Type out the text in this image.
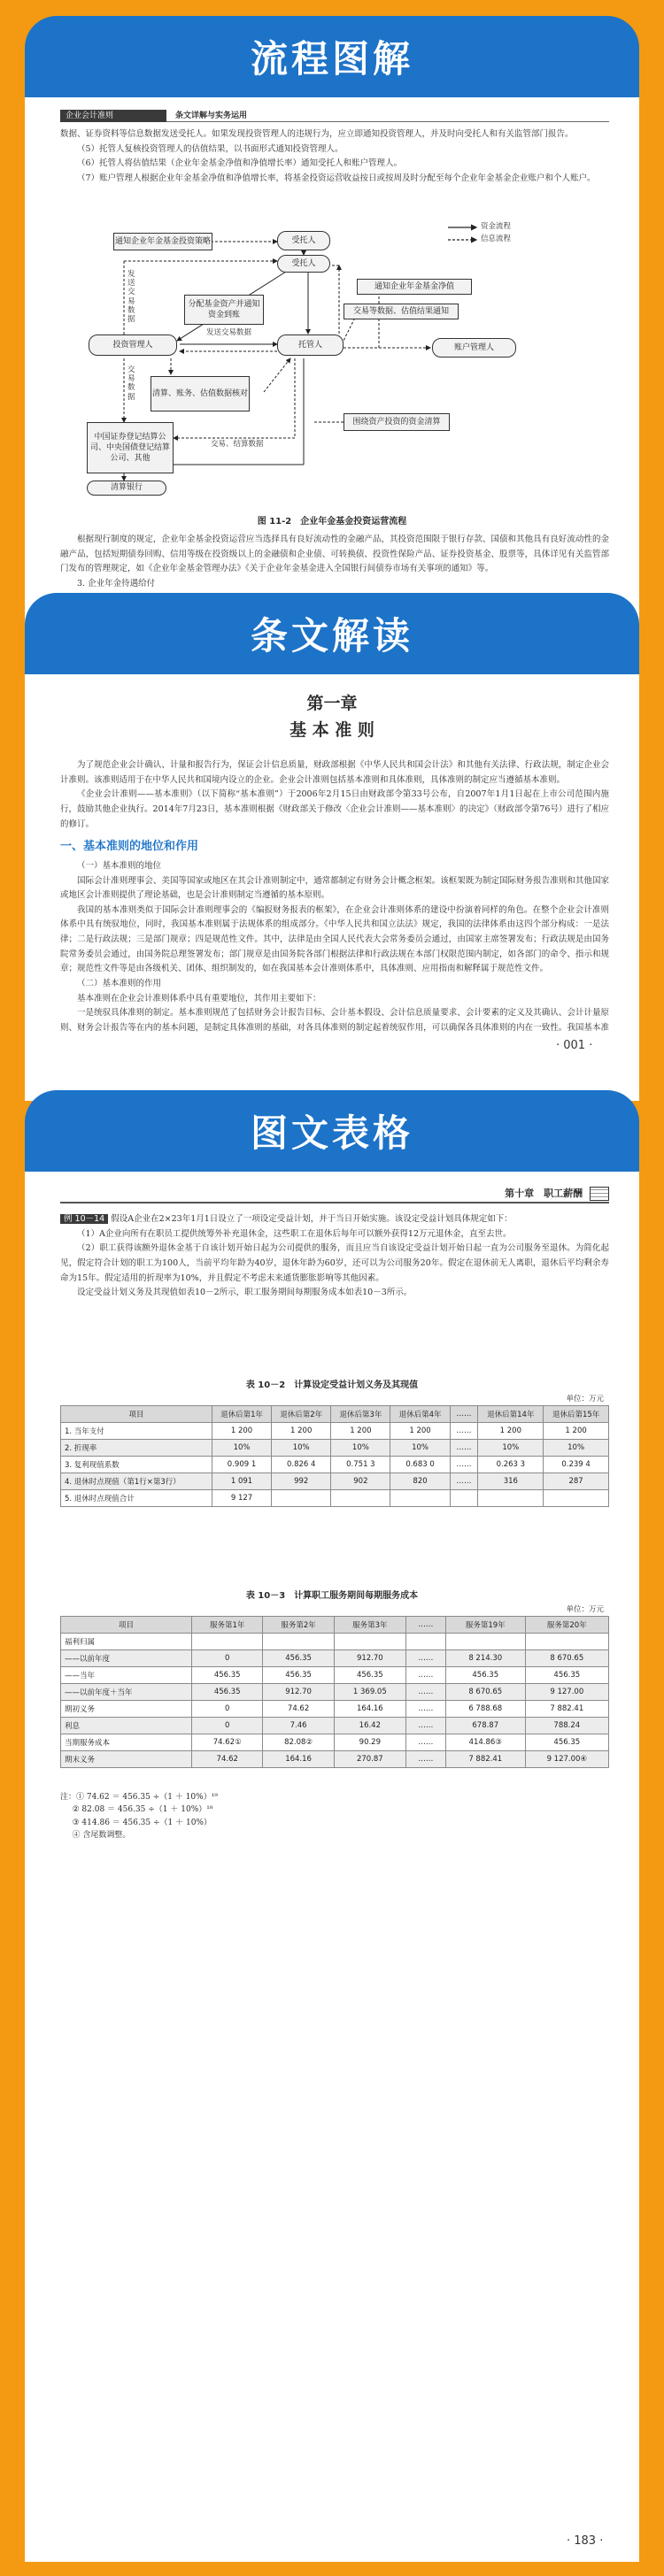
流程图解
企业会计准则	条文详解与实务运用
数据、证券资料等信息数据发送受托人。如果发现投资管理人的违规行为，应立即通知投资管理人，并及时向受托人和有关监管部门报告。

（5）托管人复核投资管理人的估值结果，以书面形式通知投资管理人。

（6）托管人将估值结果（企业年金基金净值和净值增长率）通知受托人和账户管理人。

（7）账户管理人根据企业年金基金净值和净值增长率，将基金投资运营收益按日或按周及时分配至每个企业年金基金企业账户和个人账户。

资金流程
信息流程
通知企业年金基金投资策略	受托人
受托人
通知企业年金基金净值
分配基金资产并通知资金到账	交易等数据、估值结果通知
投资管理人	托管人	账户管理人
清算、账务、估值数据核对
围绕资产投资的资金清算
中国证券登记结算公司、中央国债登记结算公司、其他
清算银行
发送交易数据
交易数据
发送交易数据
交易、结算数据
图 11-2　企业年金基金投资运营流程

根据现行制度的规定，企业年金基金投资运营应当选择具有良好流动性的金融产品，其投资范围限于银行存款、国债和其他具有良好流动性的金融产品，包括短期债券回购、信用等级在投资级以上的金融债和企业债、可转换债、投资性保险产品、证券投资基金、股票等，具体详见有关监管部门发布的管理规定，如《企业年金基金管理办法》《关于企业年金基金进入全国银行间债券市场有关事项的通知》等。

3. 企业年金待遇给付

条文解读
第一章
基 本 准 则

为了规范企业会计确认、计量和报告行为，保证会计信息质量，财政部根据《中华人民共和国会计法》和其他有关法律、行政法规，制定企业会计准则。该准则适用于在中华人民共和国境内设立的企业。企业会计准则包括基本准则和具体准则，具体准则的制定应当遵循基本准则。

《企业会计准则——基本准则》（以下简称“基本准则”）于2006年2月15日由财政部令第33号公布，自2007年1月1日起在上市公司范围内施行，鼓励其他企业执行。2014年7月23日，基本准则根据《财政部关于修改〈企业会计准则——基本准则〉的决定》（财政部令第76号）进行了相应的修订。

一、基本准则的地位和作用

（一）基本准则的地位

国际会计准则理事会、美国等国家或地区在其会计准则制定中，通常都制定有财务会计概念框架。该框架既为制定国际财务报告准则和其他国家或地区会计准则提供了理论基础，也是会计准则制定当遵循的基本原则。

我国的基本准则类似于国际会计准则理事会的《编报财务报表的框架》，在企业会计准则体系的建设中扮演着同样的角色。在整个企业会计准则体系中具有统驭地位，同时，我国基本准则属于法规体系的组成部分。《中华人民共和国立法法》规定，我国的法律体系由这四个部分构成：一是法律；二是行政法规；三是部门规章；四是规范性文件。其中，法律是由全国人民代表大会常务委员会通过，由国家主席签署发布；行政法规是由国务院常务委员会通过，由国务院总理签署发布；部门规章是由国务院各部门根据法律和行政法规在本部门权限范围内制定，如各部门的命令、指示和规章；规范性文件等是由各级机关、团体、组织制发的，如在我国基本会计准则体系中，具体准则、应用指南和解释属于规范性文件。

（二）基本准则的作用

基本准则在企业会计准则体系中具有重要地位，其作用主要如下：

一是统驭具体准则的制定。基本准则规范了包括财务会计报告目标、会计基本假设、会计信息质量要求、会计要素的定义及其确认、会计计量原则、财务会计报告等在内的基本问题，是制定具体准则的基础，对各具体准则的制定起着统驭作用，可以确保各具体准则的内在一致性。我国基本准

· 001 ·
图文表格
第十章　职工薪酬
例 10－14 假设A企业在2×23年1月1日设立了一项设定受益计划，并于当日开始实施。该设定受益计划具体规定如下：

（1）A企业向所有在职员工提供统筹外补充退休金，这些职工在退休后每年可以额外获得12万元退休金，直至去世。

（2）职工获得该额外退休金基于自该计划开始日起为公司提供的服务，而且应当自该设定受益计划开始日起一直为公司服务至退休。为简化起见，假定符合计划的职工为100人，当前平均年龄为40岁，退休年龄为60岁，还可以为公司服务20年。假定在退休前无人离职，退休后平均剩余寿命为15年。假定适用的折现率为10%，并且假定不考虑未来通货膨胀影响等其他因素。

设定受益计划义务及其现值如表10－2所示，职工服务期间每期服务成本如表10－3所示。

表 10－2　计算设定受益计划义务及其现值
单位：万元
项目	退休后第1年	退休后第2年	退休后第3年	退休后第4年	……	退休后第14年	退休后第15年
1. 当年支付	1 200	1 200	1 200	1 200	……	1 200	1 200
2. 折现率	10%	10%	10%	10%	……	10%	10%
3. 复利现值系数	0.909 1	0.826 4	0.751 3	0.683 0	……	0.263 3	0.239 4
4. 退休时点现值（第1行×第3行）	1 091	992	902	820	……	316	287
5. 退休时点现值合计	9 127						
表 10－3　计算职工服务期间每期服务成本
单位：万元
项目	服务第1年	服务第2年	服务第3年	……	服务第19年	服务第20年
福利归属						
——以前年度	0	456.35	912.70	……	8 214.30	8 670.65
——当年	456.35	456.35	456.35	……	456.35	456.35
——以前年度＋当年	456.35	912.70	1 369.05	……	8 670.65	9 127.00
期初义务	0	74.62	164.16	……	6 788.68	7 882.41
利息	0	7.46	16.42	……	678.87	788.24
当期服务成本	74.62①	82.08②	90.29	……	414.86③	456.35
期末义务	74.62	164.16	270.87	……	7 882.41	9 127.00④
注：① 74.62 ＝ 456.35 ÷（1 ＋ 10%）¹⁹
② 82.08 ＝ 456.35 ÷（1 ＋ 10%）¹⁸
③ 414.86 ＝ 456.35 ÷（1 ＋ 10%）
④ 含尾数调整。
· 183 ·
